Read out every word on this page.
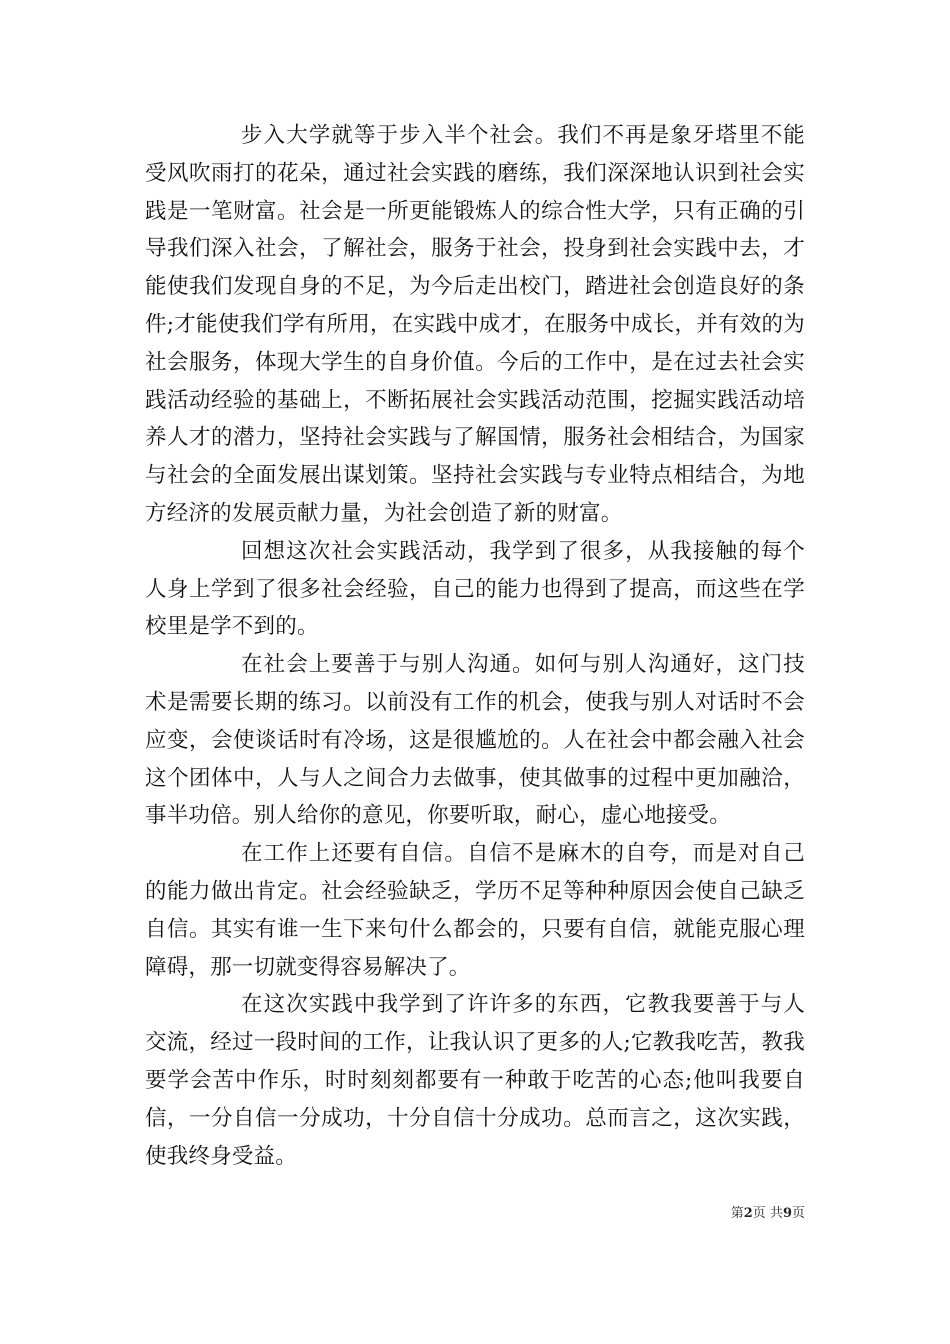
步入大学就等于步入半个社会。我们不再是象牙塔里不能受风吹雨打的花朵，通过社会实践的磨练，我们深深地认识到社会实践是一笔财富。社会是一所更能锻炼人的综合性大学，只有正确的引导我们深入社会，了解社会，服务于社会，投身到社会实践中去，才能使我们发现自身的不足，为今后走出校门，踏进社会创造良好的条件;才能使我们学有所用，在实践中成才，在服务中成长，并有效的为社会服务，体现大学生的自身价值。今后的工作中，是在过去社会实践活动经验的基础上，不断拓展社会实践活动范围，挖掘实践活动培养人才的潜力，坚持社会实践与了解国情，服务社会相结合，为国家与社会的全面发展出谋划策。坚持社会实践与专业特点相结合，为地方经济的发展贡献力量，为社会创造了新的财富。

回想这次社会实践活动，我学到了很多，从我接触的每个人身上学到了很多社会经验，自己的能力也得到了提高，而这些在学校里是学不到的。

在社会上要善于与别人沟通。如何与别人沟通好，这门技术是需要长期的练习。以前没有工作的机会，使我与别人对话时不会应变，会使谈话时有冷场，这是很尴尬的。人在社会中都会融入社会这个团体中，人与人之间合力去做事，使其做事的过程中更加融洽，事半功倍。别人给你的意见，你要听取，耐心，虚心地接受。

在工作上还要有自信。自信不是麻木的自夸，而是对自己的能力做出肯定。社会经验缺乏，学历不足等种种原因会使自己缺乏自信。其实有谁一生下来句什么都会的，只要有自信，就能克服心理障碍，那一切就变得容易解决了。

在这次实践中我学到了许许多的东西，它教我要善于与人交流，经过一段时间的工作，让我认识了更多的人;它教我吃苦，教我要学会苦中作乐，时时刻刻都要有一种敢于吃苦的心态;他叫我要自信，一分自信一分成功，十分自信十分成功。总而言之，这次实践，使我终身受益。

第2页 共9页
